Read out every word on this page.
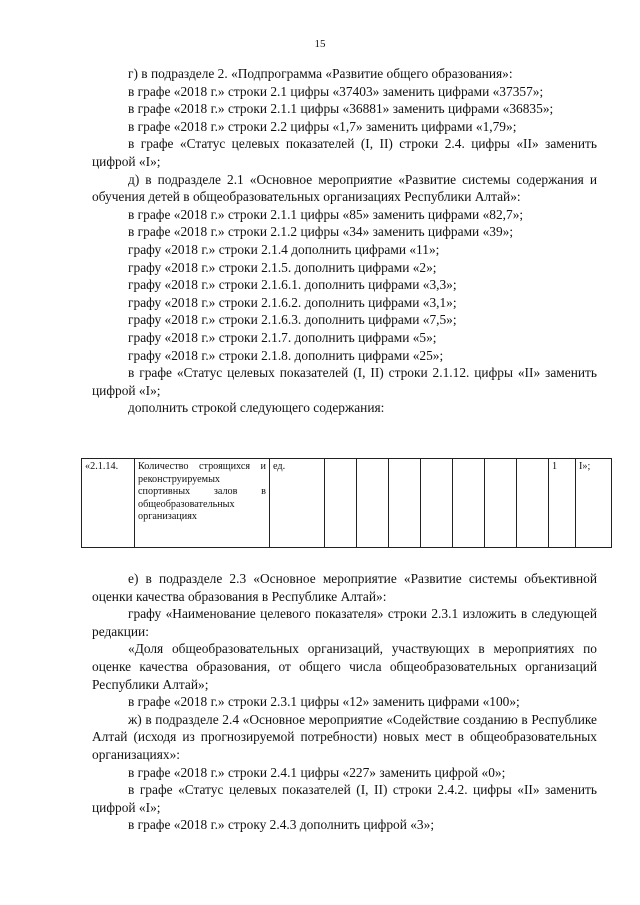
15

г) в подразделе 2. «Подпрограмма «Развитие общего образования»:

в графе «2018 г.» строки 2.1 цифры «37403» заменить цифрами «37357»;

в графе «2018 г.» строки 2.1.1 цифры «36881» заменить цифрами «36835»;

в графе «2018 г.» строки 2.2 цифры «1,7» заменить цифрами «1,79»;

в графе «Статус целевых показателей (I, II) строки 2.4. цифры «II» заменить цифрой «I»;

д) в подразделе 2.1 «Основное мероприятие «Развитие системы содержания и обучения детей в общеобразовательных организациях Республики Алтай»:

в графе «2018 г.» строки 2.1.1 цифры «85» заменить цифрами «82,7»;

в графе «2018 г.» строки 2.1.2 цифры «34» заменить цифрами «39»;

графу «2018 г.» строки 2.1.4 дополнить цифрами «11»;

графу «2018 г.» строки 2.1.5. дополнить цифрами «2»;

графу «2018 г.» строки 2.1.6.1. дополнить цифрами «3,3»;

графу «2018 г.» строки 2.1.6.2. дополнить цифрами «3,1»;

графу «2018 г.» строки 2.1.6.3. дополнить цифрами «7,5»;

графу «2018 г.» строки 2.1.7. дополнить цифрами «5»;

графу «2018 г.» строки 2.1.8. дополнить цифрами «25»;

в графе «Статус целевых показателей (I, II) строки 2.1.12. цифры «II» заменить цифрой «I»;

дополнить строкой следующего содержания:

«2.1.14.	Количество строящихся и реконструируемых спортивных залов в общеобразовательных организациях	ед.								1	I»;

е) в подразделе 2.3 «Основное мероприятие «Развитие системы объективной оценки качества образования в Республике Алтай»:

графу «Наименование целевого показателя» строки 2.3.1 изложить в следующей редакции:

«Доля общеобразовательных организаций, участвующих в мероприятиях по оценке качества образования, от общего числа общеобразовательных организаций Республики Алтай»;

в графе «2018 г.» строки 2.3.1 цифры «12» заменить цифрами «100»;

ж) в подразделе 2.4 «Основное мероприятие «Содействие созданию в Республике Алтай (исходя из прогнозируемой потребности) новых мест в общеобразовательных организациях»:

в графе «2018 г.» строки 2.4.1 цифры «227» заменить цифрой «0»;

в графе «Статус целевых показателей (I, II) строки 2.4.2. цифры «II» заменить цифрой «I»;

в графе «2018 г.» строку 2.4.3 дополнить цифрой «3»;
